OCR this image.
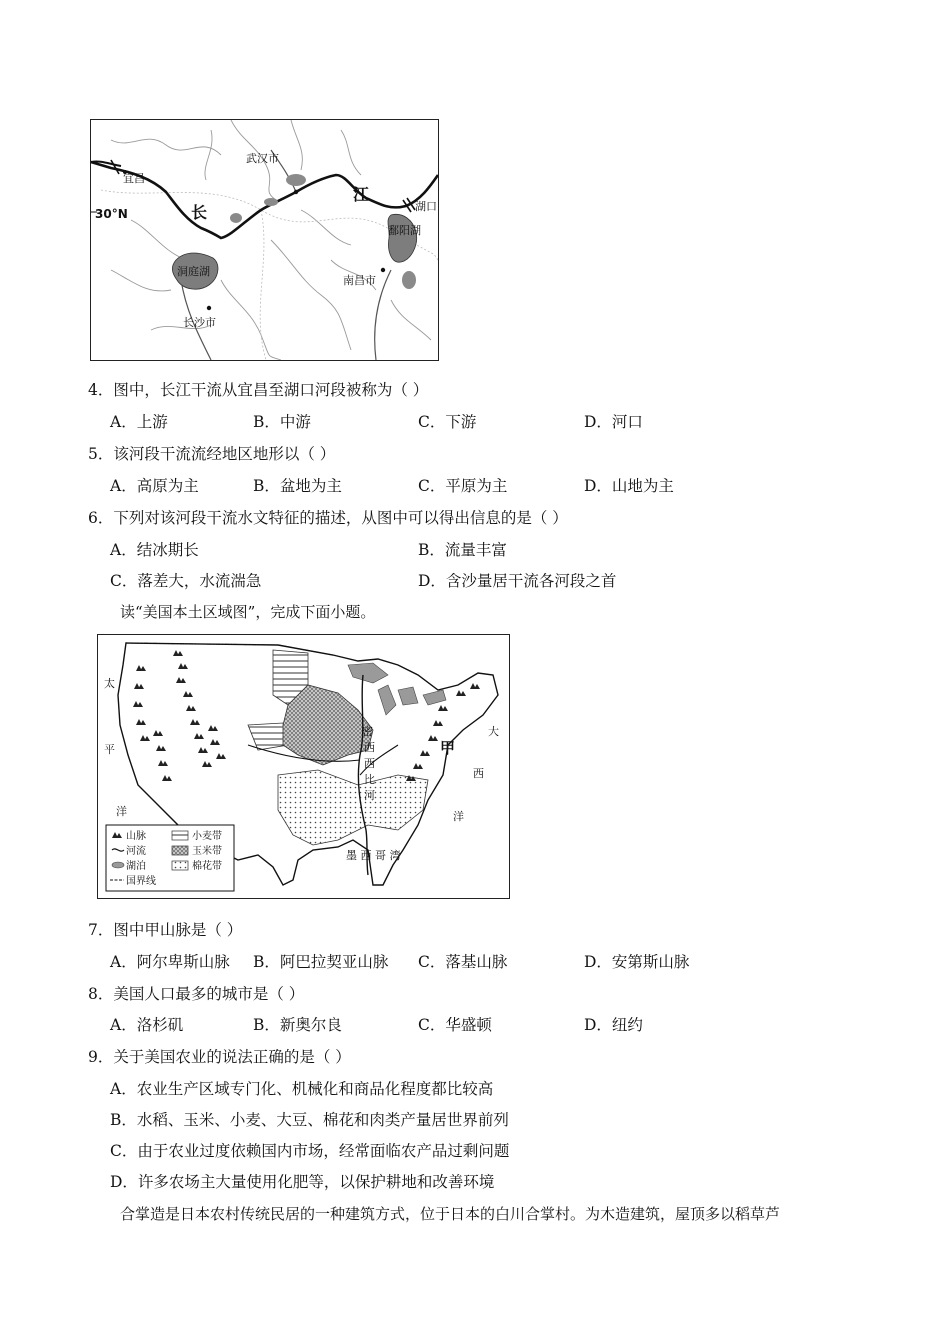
宜昌
30°N
武汉市
长
江
湖口
鄱阳湖
洞庭湖
南昌市
长沙市
4．图中，长江干流从宜昌至湖口河段被称为（ ）
A．上游	B．中游	C．下游	D．河口
5．该河段干流流经地区地形以（ ）
A．高原为主	B．盆地为主	C．平原为主	D．山地为主
6．下列对该河段干流水文特征的描述，从图中可以得出信息的是（ ）
A．结冰期长	B．流量丰富
C．落差大，水流湍急	D．含沙量居干流各河段之首
读“美国本土区域图”，完成下面小题。
太
平
洋
大
西
洋
甲
密
西
西
比
河
墨 西 哥 湾
山脉
河流
湖泊
国界线
小麦带
玉米带
棉花带
7．图中甲山脉是（ ）
A．阿尔卑斯山脉 B．阿巴拉契亚山脉 C．落基山脉	D．安第斯山脉
8．美国人口最多的城市是（ ）
A．洛杉矶	B．新奥尔良	C．华盛顿	D．纽约
9．关于美国农业的说法正确的是（ ）
A．农业生产区域专门化、机械化和商品化程度都比较高
B．水稻、玉米、小麦、大豆、棉花和肉类产量居世界前列
C．由于农业过度依赖国内市场，经常面临农产品过剩问题
D．许多农场主大量使用化肥等，以保护耕地和改善环境
合掌造是日本农村传统民居的一种建筑方式，位于日本的白川合掌村。为木造建筑，屋顶多以稻草芦
